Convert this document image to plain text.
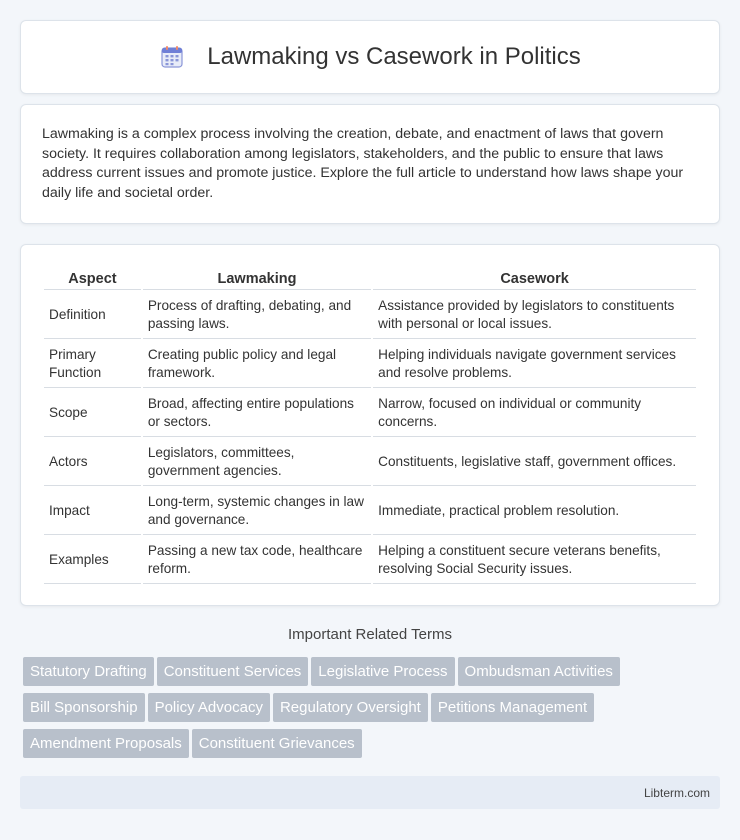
Lawmaking vs Casework in Politics

Lawmaking is a complex process involving the creation, debate, and enactment of laws that govern society. It requires collaboration among legislators, stakeholders, and the public to ensure that laws address current issues and promote justice. Explore the full article to understand how laws shape your daily life and societal order.

Aspect	Lawmaking	Casework
Definition	Process of drafting, debating, and passing laws.	Assistance provided by legislators to constituents with personal or local issues.
Primary Function	Creating public policy and legal framework.	Helping individuals navigate government services and resolve problems.
Scope	Broad, affecting entire populations or sectors.	Narrow, focused on individual or community concerns.
Actors	Legislators, committees, government agencies.	Constituents, legislative staff, government offices.
Impact	Long-term, systemic changes in law and governance.	Immediate, practical problem resolution.
Examples	Passing a new tax code, healthcare reform.	Helping a constituent secure veterans benefits, resolving Social Security issues.
Important Related Terms
Statutory Drafting Constituent Services Legislative Process Ombudsman Activities
Bill Sponsorship Policy Advocacy Regulatory Oversight Petitions Management
Amendment Proposals Constituent Grievances
Libterm.com
